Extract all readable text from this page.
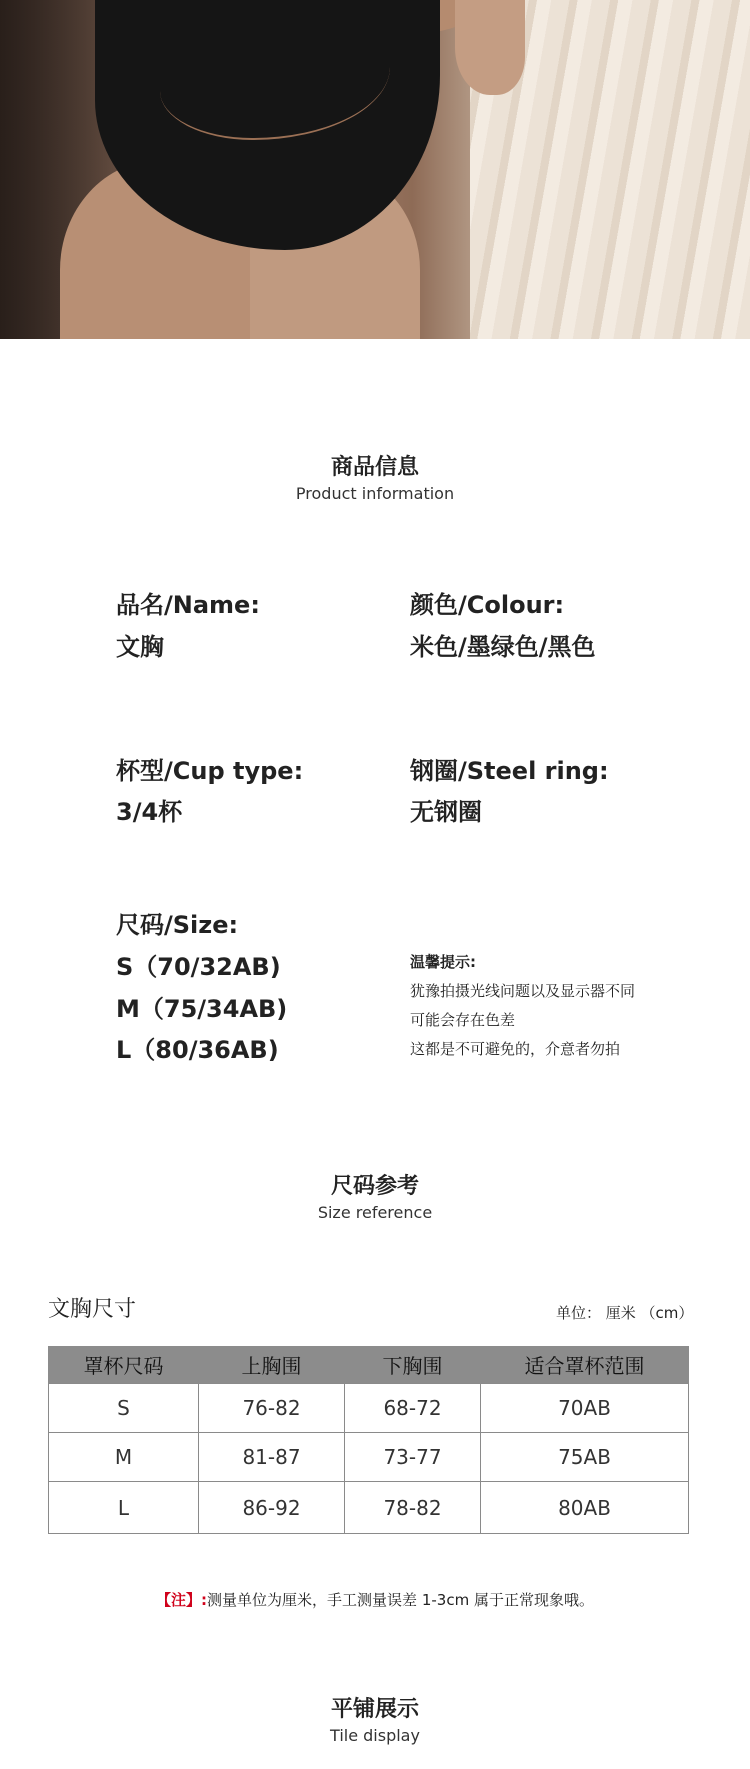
商品信息
Product information
品名/Name:
文胸
颜色/Colour:
米色/墨绿色/黑色
杯型/Cup type:
3/4杯
钢圈/Steel ring:
无钢圈
尺码/Size:
S（70/32AB)
M（75/34AB)
L（80/36AB)
温馨提示:
犹豫拍摄光线问题以及显示器不同
可能会存在色差
这都是不可避免的，介意者勿拍
尺码参考
Size reference
文胸尺寸	单位： 厘米 （cm）
罩杯尺码	上胸围	下胸围	适合罩杯范围
S	76-82	68-72	70AB
M	81-87	73-77	75AB
L	86-92	78-82	80AB
【注】:测量单位为厘米，手工测量误差 1-3cm 属于正常现象哦。
平铺展示
Tile display
